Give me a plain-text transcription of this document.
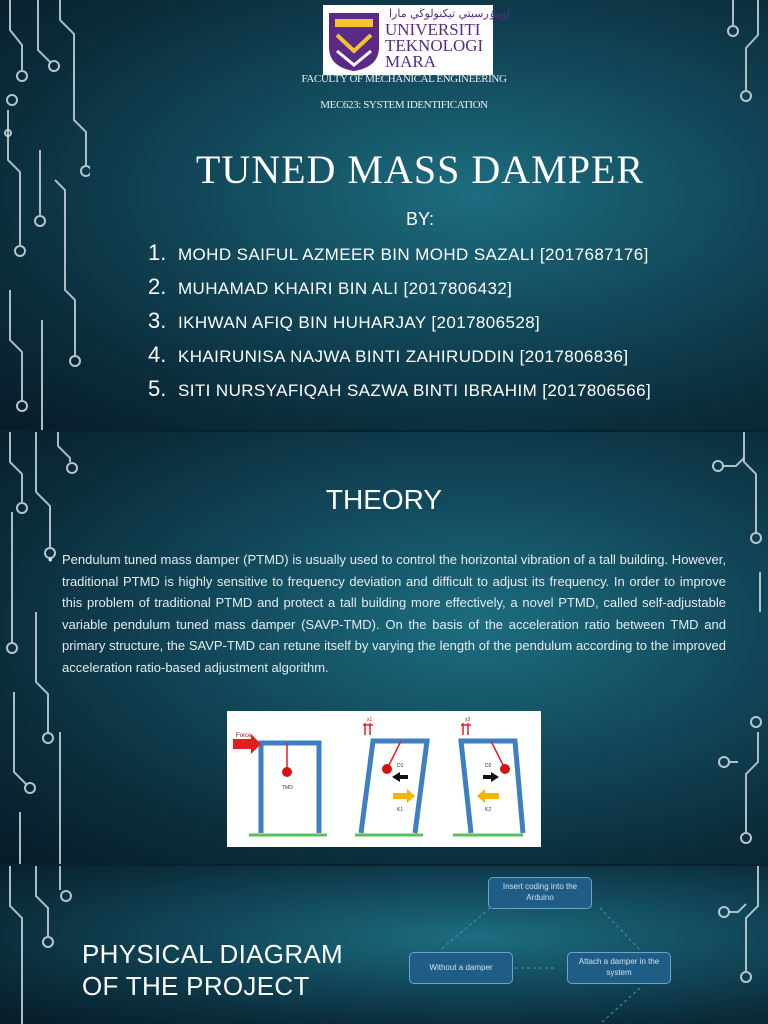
اونيۏرسيتي تيكنولوڬي مارا
UNIVERSITI
TEKNOLOGI
MARA
FACULTY OF MECHANICAL ENGINEERING
MEC623: SYSTEM IDENTIFICATION
TUNED MASS DAMPER
BY:
1. MOHD SAIFUL AZMEER BIN MOHD SAZALI [2017687176]
2. MUHAMAD KHAIRI BIN ALI [2017806432]
3. IKHWAN AFIQ BIN HUHARJAY [2017806528]
4. KHAIRUNISA NAJWA BINTI ZAHIRUDDIN [2017806836]
5. SITI NURSYAFIQAH SAZWA BINTI IBRAHIM [2017806566]
THEORY
• Pendulum tuned mass damper (PTMD) is usually used to control the horizontal vibration of a tall building. However, traditional PTMD is highly sensitive to frequency deviation and difficult to adjust its frequency. In order to improve this problem of traditional PTMD and protect a tall building more effectively, a novel PTMD, called self-adjustable variable pendulum tuned mass damper (SAVP-TMD). On the basis of the acceleration ratio between TMD and primary structure, the SAVP-TMD can retune itself by varying the length of the pendulum according to the improved acceleration ratio-based adjustment algorithm.
Force
TMD
x1
D1
K1
x2
D2
K2
PHYSICAL DIAGRAM
OF THE PROJECT
Insert coding into the Arduino
Without a damper
Attach a damper in the system
